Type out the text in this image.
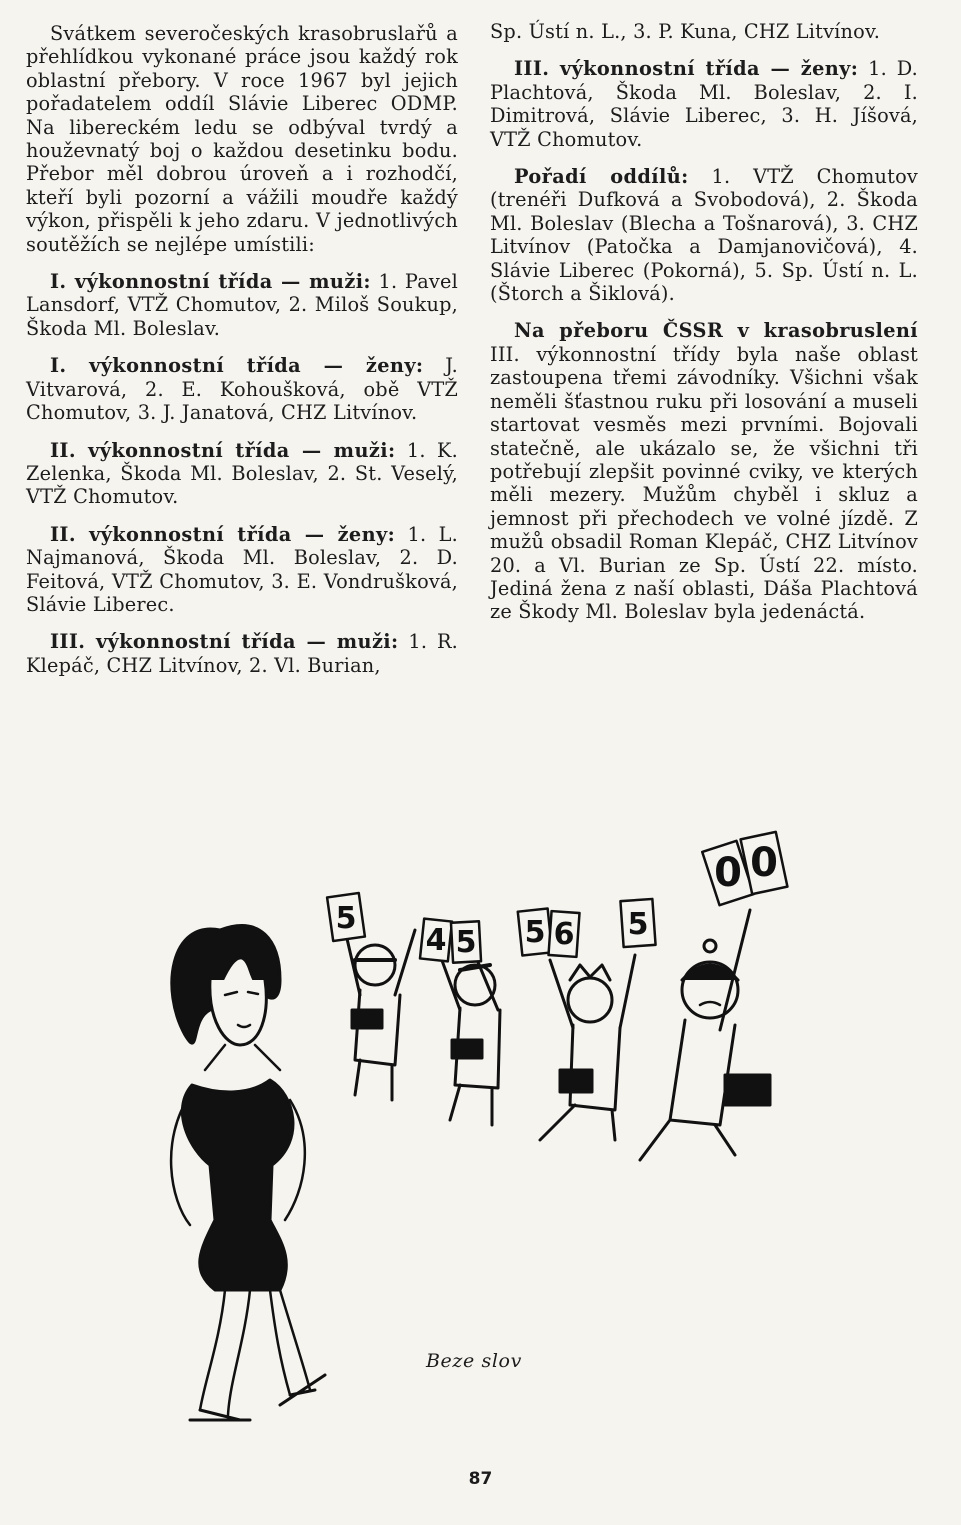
Svátkem severočeských krasobruslařů a přehlídkou vykonané práce jsou každý rok oblastní přebory. V roce 1967 byl jejich pořadatelem oddíl Slávie Liberec ODMP. Na libereckém ledu se odbýval tvrdý a houževnatý boj o každou desetinku bodu. Přebor měl dobrou úroveň a i rozhodčí, kteří byli pozorní a vážili moudře každý výkon, přispěli k jeho zdaru. V jednotlivých soutěžích se nejlépe umístili:

I. výkonnostní třída — muži: 1. Pavel Lansdorf, VTŽ Chomutov, 2. Miloš Soukup, Škoda Ml. Boleslav.

I. výkonnostní třída — ženy: J. Vitvarová, 2. E. Kohoušková, obě VTŽ Chomutov, 3. J. Janatová, CHZ Litvínov.

II. výkonnostní třída — muži: 1. K. Zelenka, Škoda Ml. Boleslav, 2. St. Veselý, VTŽ Chomutov.

II. výkonnostní třída — ženy: 1. L. Najmanová, Škoda Ml. Boleslav, 2. D. Feitová, VTŽ Chomutov, 3. E. Vondrušková, Slávie Liberec.

III. výkonnostní třída — muži: 1. R. Klepáč, CHZ Litvínov, 2. Vl. Burian,

Sp. Ústí n. L., 3. P. Kuna, CHZ Litvínov.

III. výkonnostní třída — ženy: 1. D. Plachtová, Škoda Ml. Boleslav, 2. I. Dimitrová, Slávie Liberec, 3. H. Jíšová, VTŽ Chomutov.

Pořadí oddílů: 1. VTŽ Chomutov (trenéři Dufková a Svobodová), 2. Škoda Ml. Boleslav (Blecha a Tošnarová), 3. CHZ Litvínov (Patočka a Damjanovičová), 4. Slávie Liberec (Pokorná), 5. Sp. Ústí n. L. (Štorch a Šiklová).

Na přeboru ČSSR v krasobruslení III. výkonnostní třídy byla naše oblast zastoupena třemi závodníky. Všichni však neměli šťastnou ruku při losování a museli startovat vesměs mezi prvními. Bojovali statečně, ale ukázalo se, že všichni tři potřebují zlepšit povinné cviky, ve kterých měli mezery. Mužům chyběl i skluz a jemnost při přechodech ve volné jízdě. Z mužů obsadil Roman Klepáč, CHZ Litvínov 20. a Vl. Burian ze Sp. Ústí 22. místo. Jediná žena z naší oblasti, Dáša Plachtová ze Škody Ml. Boleslav byla jedenáctá.

5
4 5 5 6 5
0 0
Beze slov
87
